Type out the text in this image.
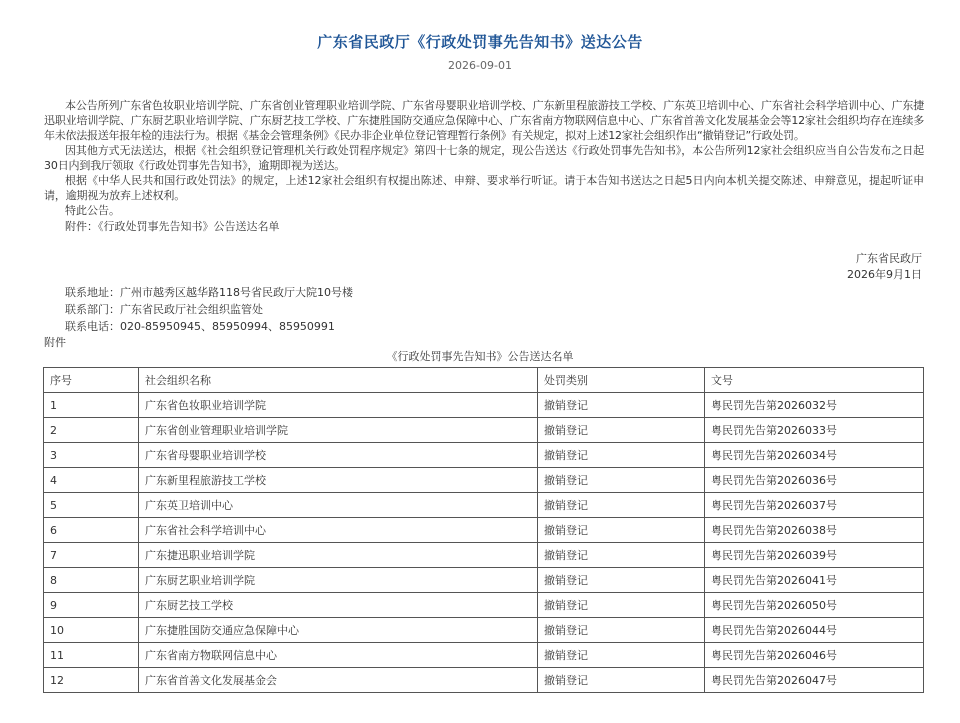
广东省民政厅《行政处罚事先告知书》送达公告
2026-09-01

本公告所列广东省色妆职业培训学院、广东省创业管理职业培训学院、广东省母婴职业培训学校、广东新里程旅游技工学校、广东英卫培训中心、广东省社会科学培训中心、广东捷迅职业培训学院、广东厨艺职业培训学院、广东厨艺技工学校、广东捷胜国防交通应急保障中心、广东省南方物联网信息中心、广东省首善文化发展基金会等12家社会组织均存在连续多年未依法报送年报年检的违法行为。根据《基金会管理条例》《民办非企业单位登记管理暂行条例》有关规定，拟对上述12家社会组织作出“撤销登记”行政处罚。

因其他方式无法送达，根据《社会组织登记管理机关行政处罚程序规定》第四十七条的规定，现公告送达《行政处罚事先告知书》，本公告所列12家社会组织应当自公告发布之日起30日内到我厅领取《行政处罚事先告知书》，逾期即视为送达。

根据《中华人民共和国行政处罚法》的规定，上述12家社会组织有权提出陈述、申辩、要求举行听证。请于本告知书送达之日起5日内向本机关提交陈述、申辩意见，提起听证申请，逾期视为放弃上述权利。

特此公告。

附件：《行政处罚事先告知书》公告送达名单

广东省民政厅
2026年9月1日
联系地址：广州市越秀区越华路118号省民政厅大院10号楼
联系部门：广东省民政厅社会组织监管处
联系电话：020-85950945、85950994、85950991
附件
《行政处罚事先告知书》公告送达名单
序号	社会组织名称	处罚类别	文号
1	广东省色妆职业培训学院	撤销登记	粤民罚先告第2026032号
2	广东省创业管理职业培训学院	撤销登记	粤民罚先告第2026033号
3	广东省母婴职业培训学校	撤销登记	粤民罚先告第2026034号
4	广东新里程旅游技工学校	撤销登记	粤民罚先告第2026036号
5	广东英卫培训中心	撤销登记	粤民罚先告第2026037号
6	广东省社会科学培训中心	撤销登记	粤民罚先告第2026038号
7	广东捷迅职业培训学院	撤销登记	粤民罚先告第2026039号
8	广东厨艺职业培训学院	撤销登记	粤民罚先告第2026041号
9	广东厨艺技工学校	撤销登记	粤民罚先告第2026050号
10	广东捷胜国防交通应急保障中心	撤销登记	粤民罚先告第2026044号
11	广东省南方物联网信息中心	撤销登记	粤民罚先告第2026046号
12	广东省首善文化发展基金会	撤销登记	粤民罚先告第2026047号
